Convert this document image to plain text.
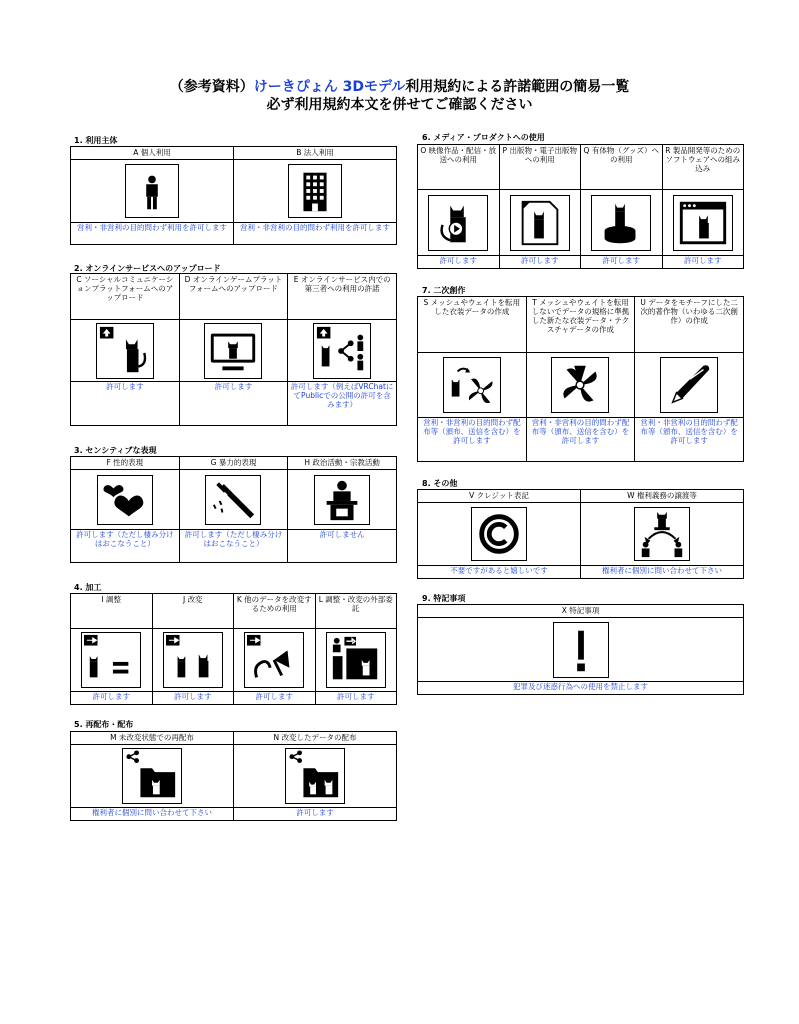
（参考資料）けーきぴょん 3Dモデル利用規約による許諾範囲の簡易一覧
必ず利用規約本文を併せてご確認ください
1. 利用主体
A 個人利用	B 法人利用

営利・非営利の目的問わず利用を許可します	営利・非営利の目的問わず利用を許可します
2. オンラインサービスへのアップロード
C ソーシャルコミュニケーションプラットフォームへのアップロード	D オンラインゲームプラットフォームへのアップロード	E オンラインサービス内での第三者への利用の許諾

許可します	許可します	許可します（例えばVRChatにてPublicでの公開の許可を含みます）
3. センシティブな表現
F 性的表現	G 暴力的表現	H 政治活動・宗教活動

許可します（ただし棲み分けはおこなうこと）	許可します（ただし棲み分けはおこなうこと）	許可しません
4. 加工
I 調整	J 改変	K 他のデータを改変するための利用	L 調整・改変の外部委託

許可します	許可します	許可します	許可します
5. 再配布・配布
M 未改変状態での再配布	N 改変したデータの配布

権利者に個別に問い合わせて下さい	許可します
6. メディア・プロダクトへの使用
O 映像作品・配信・放送への利用	P 出版物・電子出版物への利用	Q 有体物（グッズ）への利用	R 製品開発等のためのソフトウェアへの組み込み

許可します	許可します	許可します	許可します
7. 二次創作
S メッシュやウェイトを転用した衣装データの作成	T メッシュやウェイトを転用しないでデータの規格に準拠した新たな衣装データ・テクスチャデータの作成	U データをモチーフにした二次的著作物（いわゆる二次創作）の作成

営利・非営利の目的問わず配布等（頒布、送信を含む）を許可します	営利・非営利の目的問わず配布等（頒布、送信を含む）を許可します	営利・非営利の目的問わず配布等（頒布、送信を含む）を許可します
8. その他
V クレジット表記	W 権利義務の譲渡等

不要ですがあると嬉しいです	権利者に個別に問い合わせて下さい
9. 特記事項
X 特記事項

犯罪及び迷惑行為への使用を禁止します
